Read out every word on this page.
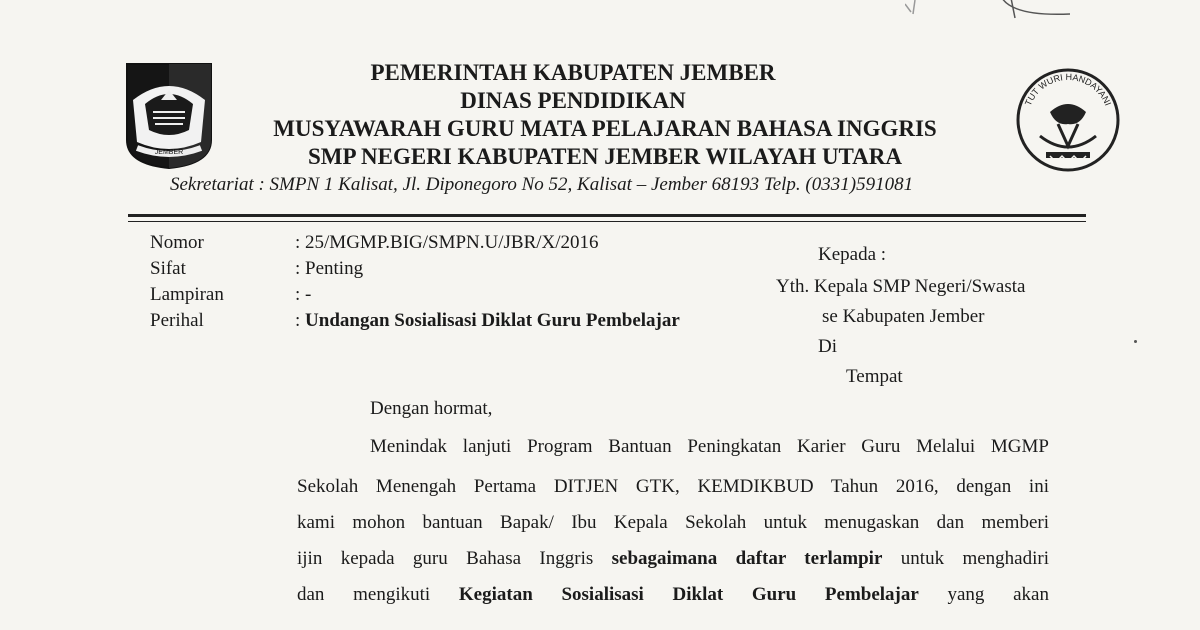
JEMBER
TUT WURI HANDAYANI
PEMERINTAH KABUPATEN JEMBER
DINAS PENDIDIKAN
MUSYAWARAH GURU MATA PELAJARAN BAHASA INGGRIS
SMP NEGERI KABUPATEN JEMBER WILAYAH UTARA
Sekretariat : SMPN 1 Kalisat, Jl. Diponegoro No 52, Kalisat – Jember 68193 Telp. (0331)591081
Nomor	: 25/MGMP.BIG/SMPN.U/JBR/X/2016
Sifat	: Penting
Lampiran	: -
Perihal	: Undangan Sosialisasi Diklat Guru Pembelajar
Kepada :
Yth. Kepala SMP Negeri/Swasta
se Kabupaten Jember
Di
Tempat
Dengan hormat,
Menindak lanjuti Program Bantuan Peningkatan Karier Guru Melalui MGMP
Sekolah Menengah Pertama DITJEN GTK, KEMDIKBUD Tahun 2016, dengan ini
kami mohon bantuan Bapak/ Ibu Kepala Sekolah untuk menugaskan dan memberi
ijin kepada guru Bahasa Inggris sebagaimana daftar terlampir untuk menghadiri
dan mengikuti Kegiatan Sosialisasi Diklat Guru Pembelajar yang akan
